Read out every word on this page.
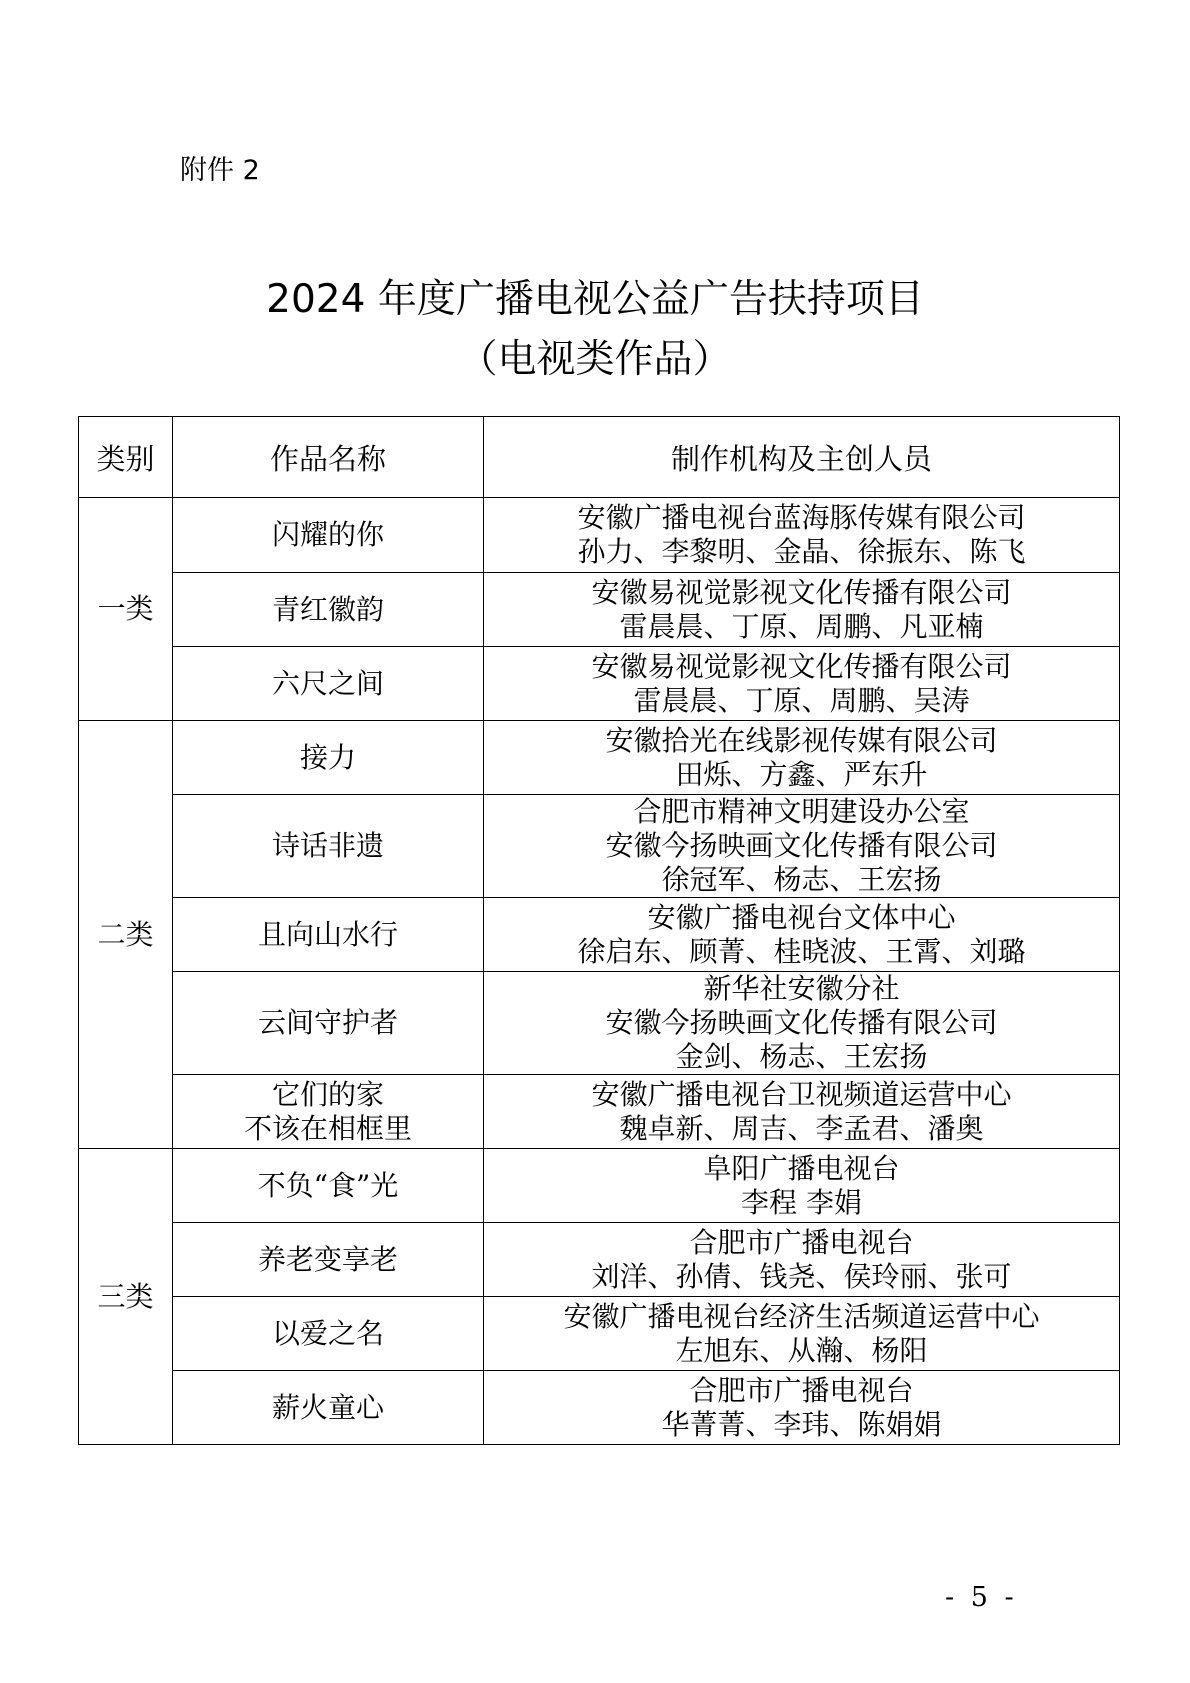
附件 2
2024 年度广播电视公益广告扶持项目
（电视类作品）
类别	作品名称	制作机构及主创人员
一类	闪耀的你	安徽广播电视台蓝海豚传媒有限公司
孙力、李黎明、金晶、徐振东、陈飞

	青红徽韵	安徽易视觉影视文化传播有限公司
雷晨晨、丁原、周鹏、凡亚楠

	六尺之间	安徽易视觉影视文化传播有限公司
雷晨晨、丁原、周鹏、吴涛

二类	接力	安徽拾光在线影视传媒有限公司
田烁、方鑫、严东升

	诗话非遗	合肥市精神文明建设办公室
安徽今扬映画文化传播有限公司
徐冠军、杨志、王宏扬

	且向山水行	安徽广播电视台文体中心
徐启东、顾菁、桂晓波、王霄、刘璐

	云间守护者	新华社安徽分社
安徽今扬映画文化传播有限公司
金剑、杨志、王宏扬

	它们的家
不该在相框里	安徽广播电视台卫视频道运营中心
魏卓新、周吉、李孟君、潘奥

三类	不负“食”光	阜阳广播电视台
李程 李娟

	养老变享老	合肥市广播电视台
刘洋、孙倩、钱尧、侯玲丽、张可

	以爱之名	安徽广播电视台经济生活频道运营中心
左旭东、从瀚、杨阳

	薪火童心	合肥市广播电视台
华菁菁、李玮、陈娟娟
- 5 -
